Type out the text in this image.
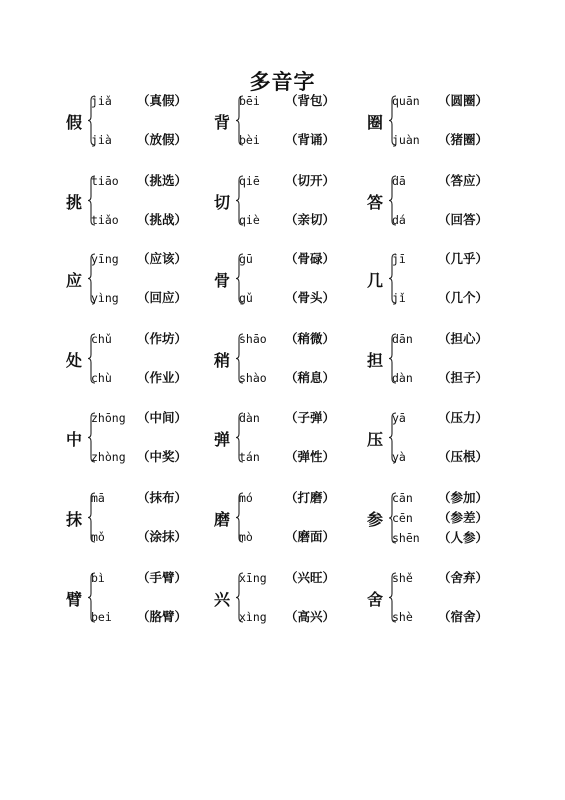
多音字
假
jiǎ （真假）
jià （放假）
背
bēi （背包）
bèi （背诵）
圈
quān （圆圈）
juàn （猪圈）
挑
tiāo （挑选）
tiǎo （挑战）
切
qiē （切开）
qiè （亲切）
答
dā	（答应）
dá	（回答）
应
yīng （应该）
yìng （回应）
骨
gū	（骨碌）
gǔ	（骨头）
几
jī	（几乎）
jǐ	（几个）
处
chǔ （作坊）
chù （作业）
稍
shāo （稍微）
shào （稍息）
担
dān （担心）
dàn （担子）
中
zhōng （中间）
zhòng （中奖）
弹
dàn （子弹）
tán （弹性）
压
yā	（压力）
yà	（压根）
抹
mā	（抹布）
mǒ	（涂抹）
磨
mó	（打磨）
mò	（磨面）
参
cān （参加）
cēn （参差）
shēn （人参）
臂
bì	（手臂）
bei （胳臂）
兴
xīng （兴旺）
xìng （高兴）
舍
shě （舍弃）
shè （宿舍）
